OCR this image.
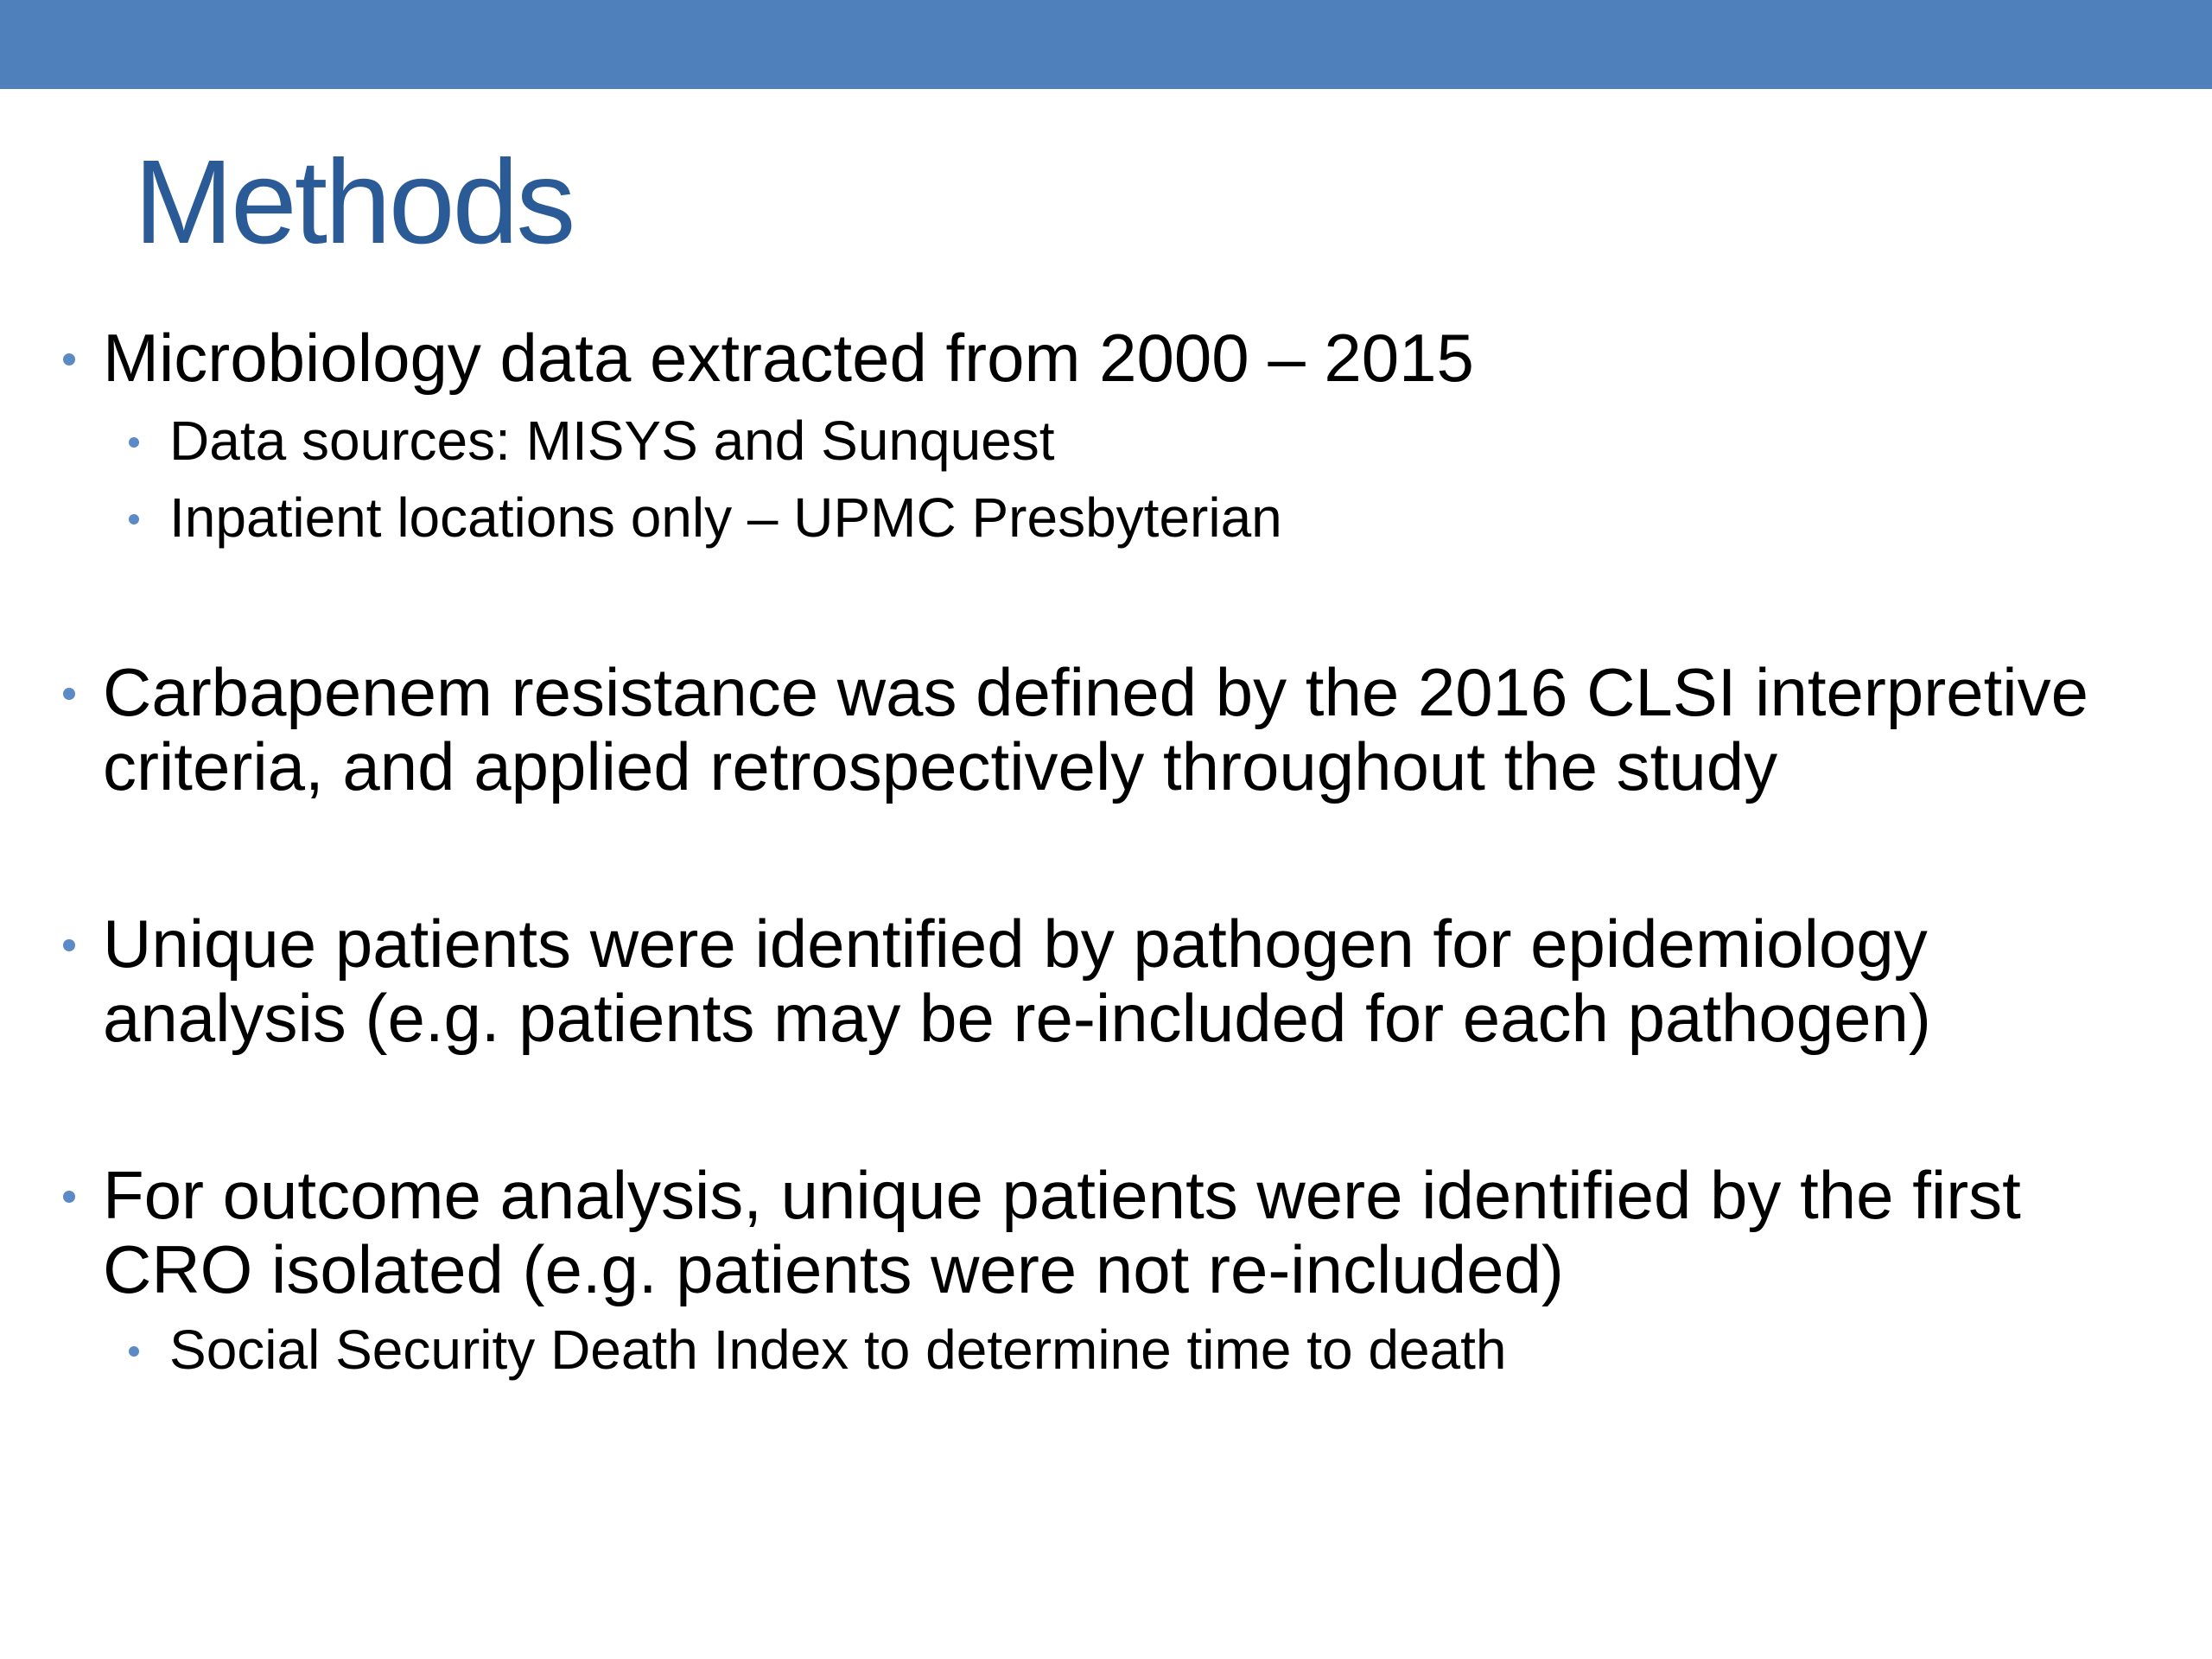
Methods
Microbiology data extracted from 2000 – 2015
Data sources: MISYS and Sunquest
Inpatient locations only – UPMC Presbyterian
Carbapenem resistance was defined by the 2016 CLSI interpretive criteria, and applied retrospectively throughout the study
Unique patients were identified by pathogen for epidemiology analysis (e.g. patients may be re-included for each pathogen)
For outcome analysis, unique patients were identified by the first CRO isolated (e.g. patients were not re-included)
Social Security Death Index to determine time to death
